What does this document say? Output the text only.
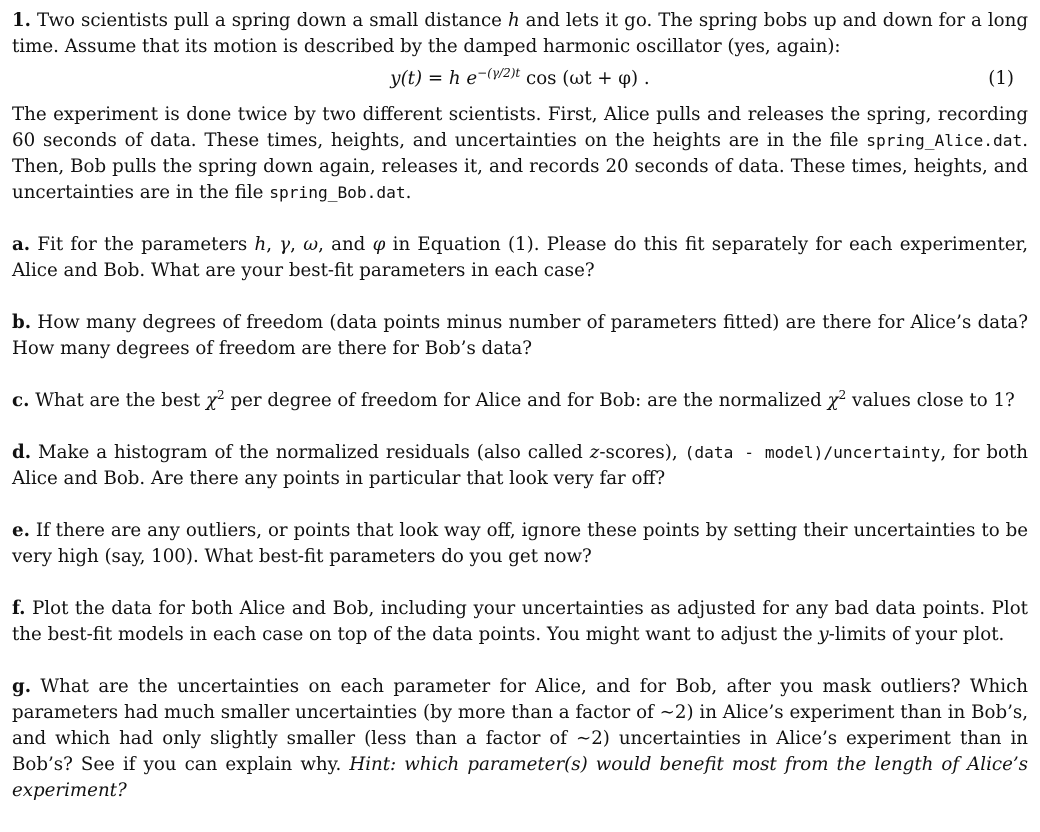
1. Two scientists pull a spring down a small distance h and lets it go. The spring bobs up and down for a long time. Assume that its motion is described by the damped harmonic oscillator (yes, again):

y(t) = h $e^{-(\gamma/2)t}$ cos (ωt + φ) .	(1)

The experiment is done twice by two different scientists. First, Alice pulls and releases the spring, recording 60 seconds of data. These times, heights, and uncertainties on the heights are in the file spring_Alice.dat. Then, Bob pulls the spring down again, releases it, and records 20 seconds of data. These times, heights, and uncertainties are in the file spring_Bob.dat.

a. Fit for the parameters h, γ, ω, and φ in Equation (1). Please do this fit separately for each experimenter, Alice and Bob. What are your best-fit parameters in each case?

b. How many degrees of freedom (data points minus number of parameters fitted) are there for Alice’s data? How many degrees of freedom are there for Bob’s data?

c. What are the best $\chi^2$ per degree of freedom for Alice and for Bob: are the normalized $\chi^2$ values close to 1?

d. Make a histogram of the normalized residuals (also called z-scores), (data - model)/uncertainty, for both Alice and Bob. Are there any points in particular that look very far off?

e. If there are any outliers, or points that look way off, ignore these points by setting their uncertainties to be very high (say, 100). What best-fit parameters do you get now?

f. Plot the data for both Alice and Bob, including your uncertainties as adjusted for any bad data points. Plot the best-fit models in each case on top of the data points. You might want to adjust the y-limits of your plot.

g. What are the uncertainties on each parameter for Alice, and for Bob, after you mask outliers? Which parameters had much smaller uncertainties (by more than a factor of ∼2) in Alice’s experiment than in Bob’s, and which had only slightly smaller (less than a factor of ∼2) uncertainties in Alice’s experiment than in Bob’s? See if you can explain why. Hint: which parameter(s) would benefit most from the length of Alice’s experiment?
